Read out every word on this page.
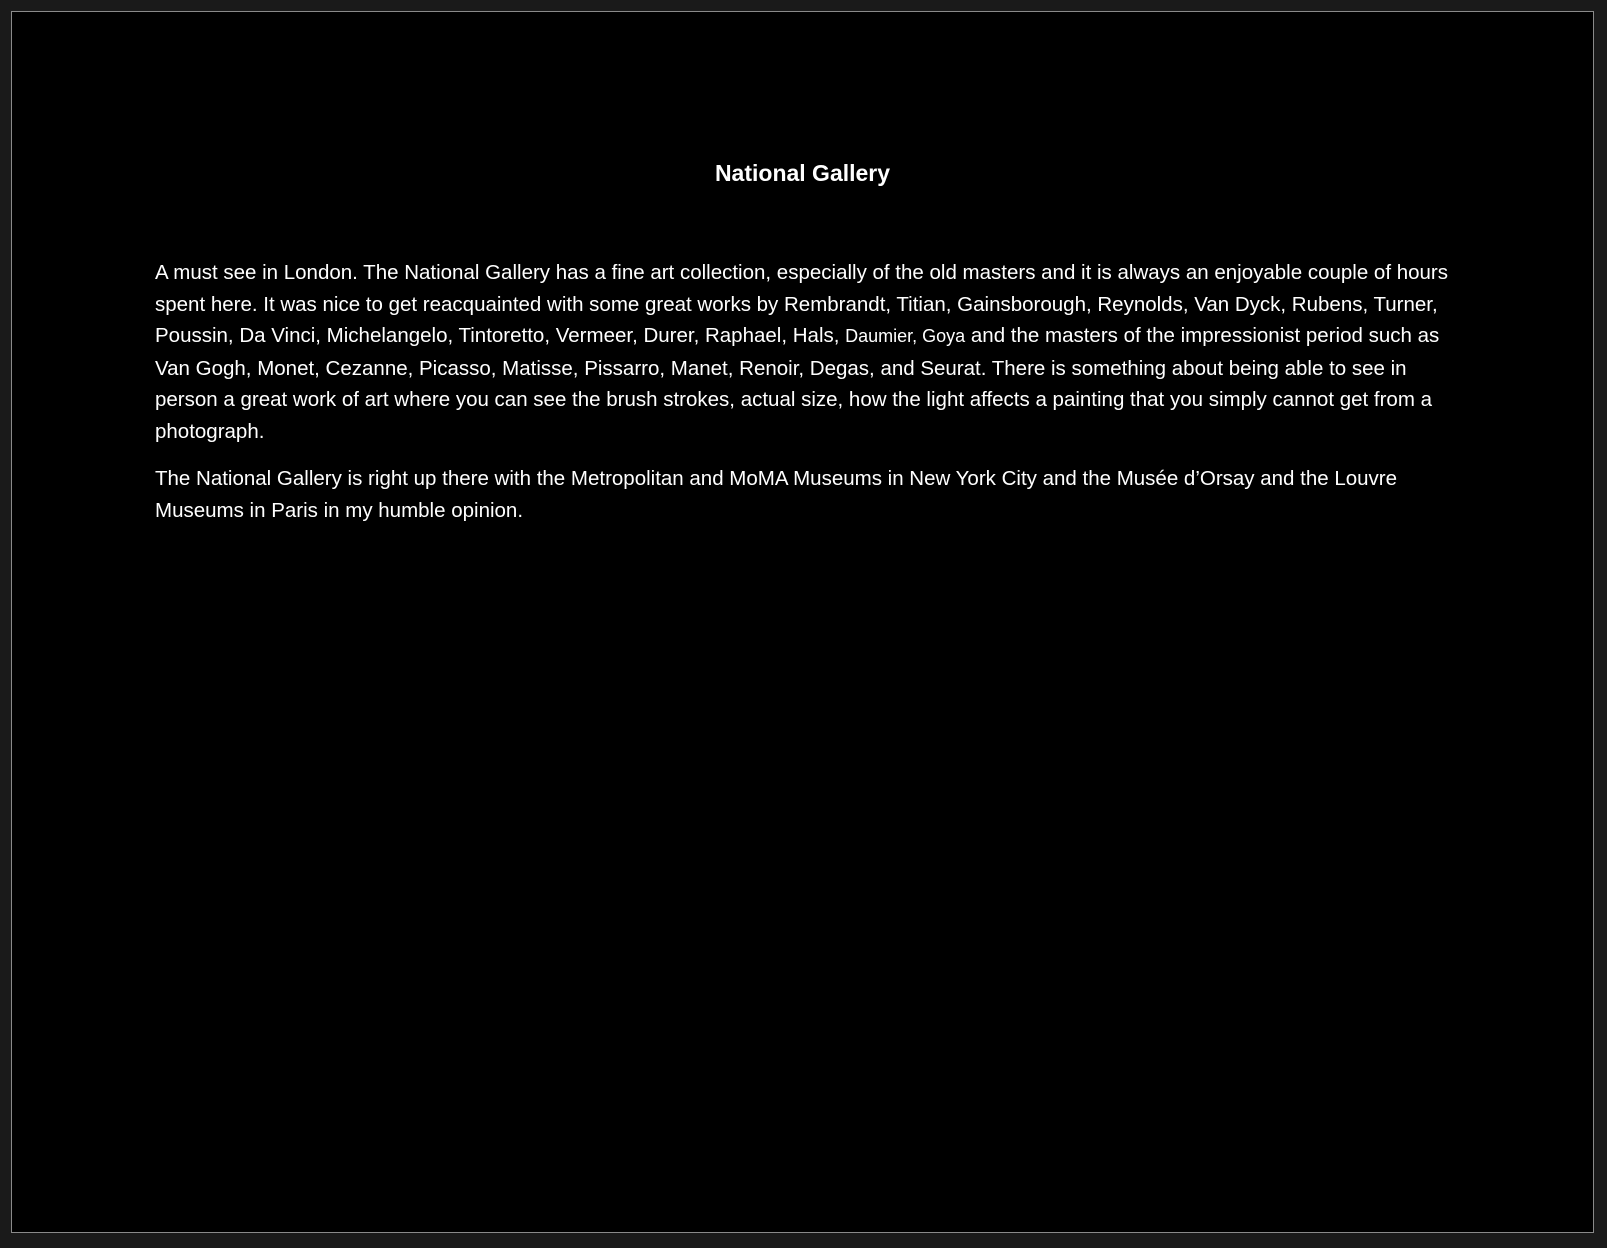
National Gallery

A must see in London. The National Gallery has a fine art collection, especially of the old masters and it is always an enjoyable couple of hours spent here. It was nice to get reacquainted with some great works by Rembrandt, Titian, Gainsborough, Reynolds, Van Dyck, Rubens, Turner, Poussin, Da Vinci, Michelangelo, Tintoretto, Vermeer, Durer, Raphael, Hals, Daumier, Goya and the masters of the impressionist period such as Van Gogh, Monet, Cezanne, Picasso, Matisse, Pissarro, Manet, Renoir, Degas, and Seurat. There is something about being able to see in person a great work of art where you can see the brush strokes, actual size, how the light affects a painting that you simply cannot get from a photograph.

The National Gallery is right up there with the Metropolitan and MoMA Museums in New York City and the Musée d’Orsay and the Louvre Museums in Paris in my humble opinion.
